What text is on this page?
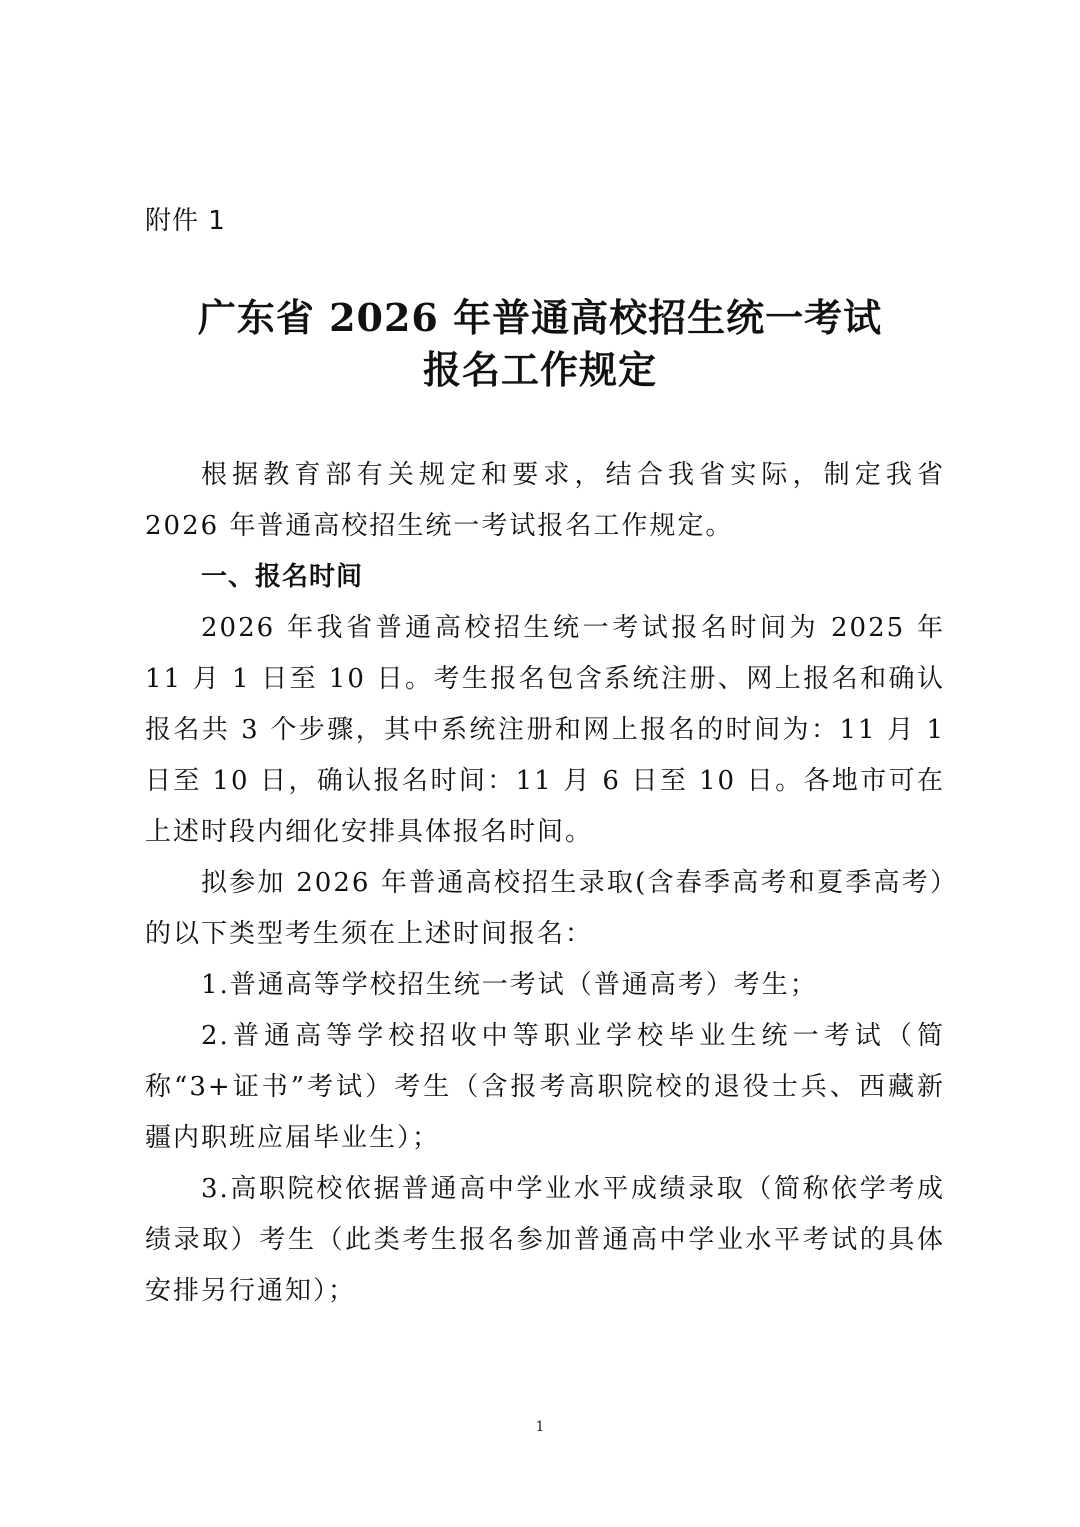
附件 1
广东省 2026 年普通高校招生统一考试
报名工作规定

根据教育部有关规定和要求，结合我省实际，制定我省 2026 年普通高校招生统一考试报名工作规定。

一、报名时间

2026 年我省普通高校招生统一考试报名时间为 2025 年 11 月 1 日至 10 日。考生报名包含系统注册、网上报名和确认报名共 3 个步骤，其中系统注册和网上报名的时间为：11 月 1 日至 10 日，确认报名时间：11 月 6 日至 10 日。各地市可在上述时段内细化安排具体报名时间。

拟参加 2026 年普通高校招生录取(含春季高考和夏季高考）的以下类型考生须在上述时间报名：

1.普通高等学校招生统一考试（普通高考）考生；

2.普通高等学校招收中等职业学校毕业生统一考试（简称“3+证书”考试）考生（含报考高职院校的退役士兵、西藏新疆内职班应届毕业生）；

3.高职院校依据普通高中学业水平成绩录取（简称依学考成绩录取）考生（此类考生报名参加普通高中学业水平考试的具体安排另行通知）；

1
